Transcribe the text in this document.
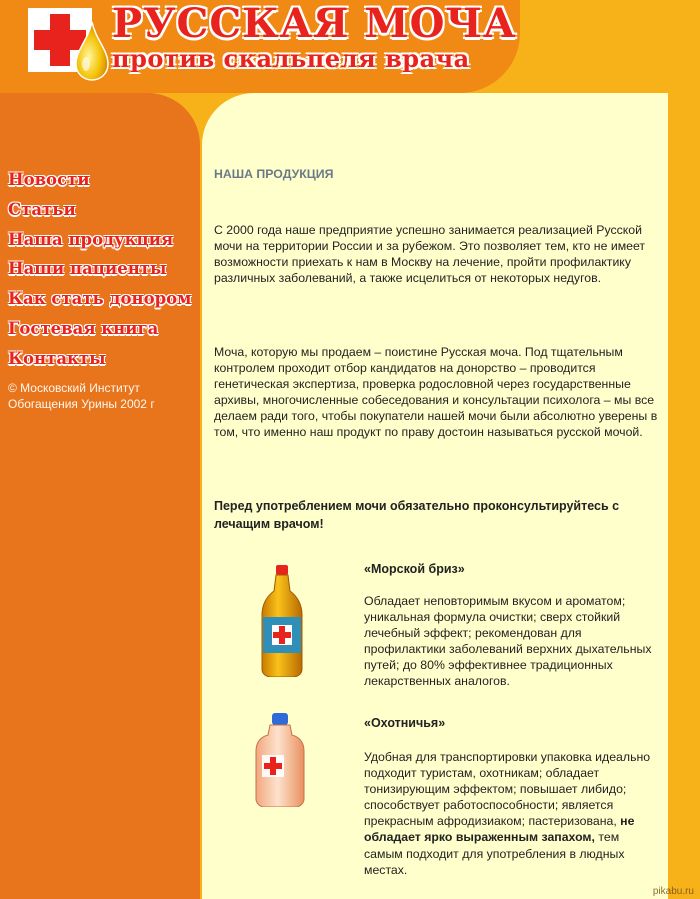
РУССКАЯ МОЧА
против скальпеля врача
Новости
Статьи
Наша продукция
Наши пациенты
Как стать донором
Гостевая книга
Контакты
© Московский Институт Обогащения Урины 2002 г
НАША ПРОДУКЦИЯ
С 2000 года наше предприятие успешно занимается реализацией Русской мочи на территории России и за рубежом. Это позволяет тем, кто не имеет возможности приехать к нам в Москву на лечение, пройти профилактику различных заболеваний, а также исцелиться от некоторых недугов.
Моча, которую мы продаем – поистине Русская моча. Под тщательным контролем проходит отбор кандидатов на донорство – проводится генетическая экспертиза, проверка родословной через государственные архивы, многочисленные собеседования и консультации психолога – мы все делаем ради того, чтобы покупатели нашей мочи были абсолютно уверены в том, что именно наш продукт по праву достоин называться русской мочой.
Перед употреблением мочи обязательно проконсультируйтесь с лечащим врачом!
«Морской бриз»
Обладает неповторимым вкусом и ароматом; уникальная формула очистки; сверх стойкий лечебный эффект; рекомендован для профилактики заболеваний верхних дыхательных путей; до 80% эффективнее традиционных лекарственных аналогов.
«Охотничья»
Удобная для транспортировки упаковка идеально подходит туристам, охотникам; обладает тонизирующим эффектом; повышает либидо; способствует работоспособности; является прекрасным афродизиаком; пастеризована, не обладает ярко выраженным запахом, тем самым подходит для употребления в людных местах.
pikabu.ru
